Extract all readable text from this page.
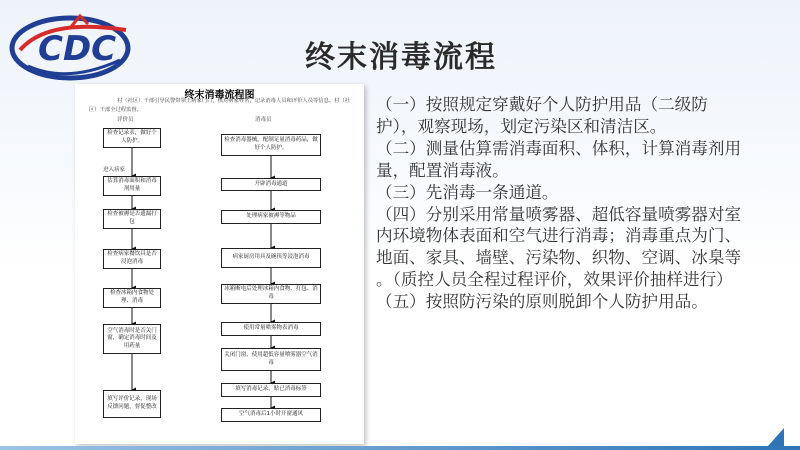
CDC	终末消毒流程
终末消毒流程图
村（社区）干部引导民警带领王病家门口，核对病家姓名，记录消毒人员和评价人员等信息。村（社区）干部全过程监督。
评价员	消毒员
进入病家
检查记录表，做好个人防护。
估算消毒面积和消毒剂用量
检查被褥是否遗漏打包
检查病家餐饮具是否浸泡消毒
检查冰箱内食物处理、消毒
空气消毒时是否关门窗，确定消毒时间及用药量
填写评价记录，现场反馈问题，督促整改
检查消毒器械，配制足量消毒药品，做好个人防护。
开辟消毒通道
处理病家被褥等物品
病家厨房用具及碗筷等浸泡消毒
冰箱断电后处理冰箱内食物、打包、消毒
使用常量喷雾物表消毒
关闭门窗，使用超低容量喷雾器空气消毒
填写消毒记录，贴已消毒标签
空气消毒后1小时开窗通风

（一）按照规定穿戴好个人防护用品（二级防护），观察现场，划定污染区和清洁区。

（二）测量估算需消毒面积、体积，计算消毒剂用量，配置消毒液。

（三）先消毒一条通道。

（四）分别采用常量喷雾器、超低容量喷雾器对室内环境物体表面和空气进行消毒；消毒重点为门、 地面、家具、墙壁、污染物、织物、空调、冰臬等 。（质控人员全程过程评价，效果评价抽样进行）

（五）按照防污染的原则脱卸个人防护用品。
